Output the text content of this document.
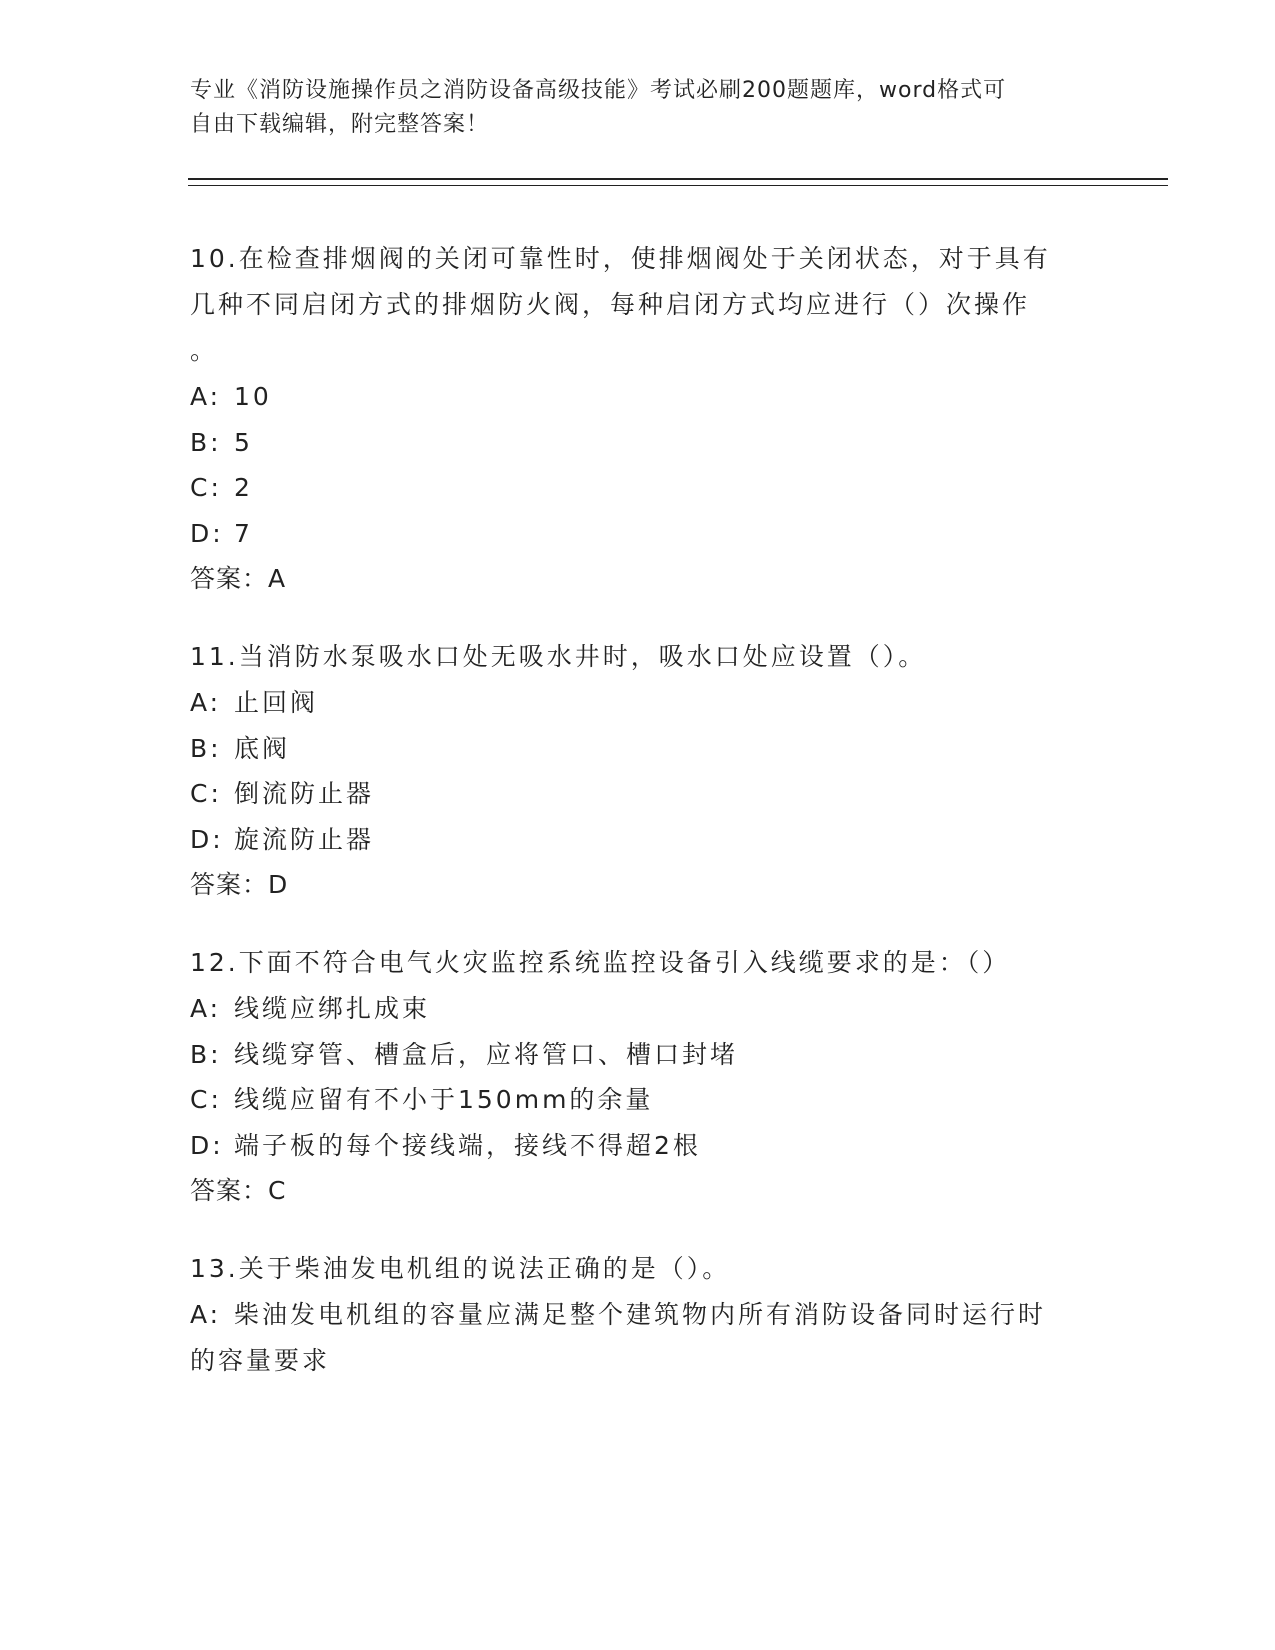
专业《消防设施操作员之消防设备高级技能》考试必刷200题题库，word格式可
自由下载编辑，附完整答案！
10.在检查排烟阀的关闭可靠性时，使排烟阀处于关闭状态，对于具有
几种不同启闭方式的排烟防火阀，每种启闭方式均应进行（）次操作
。
A: 10
B: 5
C: 2
D: 7
答案：A
11.当消防水泵吸水口处无吸水井时，吸水口处应设置（）。
A: 止回阀
B: 底阀
C: 倒流防止器
D: 旋流防止器
答案：D
12.下面不符合电气火灾监控系统监控设备引入线缆要求的是：（）
A: 线缆应绑扎成束
B: 线缆穿管、槽盒后，应将管口、槽口封堵
C: 线缆应留有不小于150mm的余量
D: 端子板的每个接线端，接线不得超2根
答案：C
13.关于柴油发电机组的说法正确的是（）。
A: 柴油发电机组的容量应满足整个建筑物内所有消防设备同时运行时
的容量要求
